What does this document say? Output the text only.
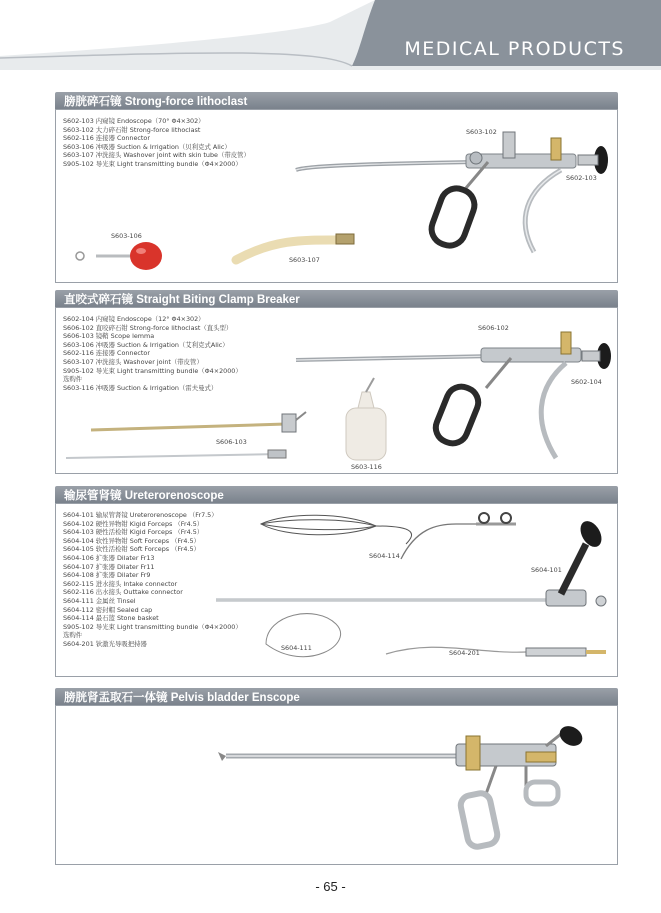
MEDICAL PRODUCTS
膀胱碎石镜 Strong-force lithoclast
S602-103 内窥镜 Endoscope（70° Φ4×302）
S603-102 大力碎石钳 Strong-force lithoclast
S602-116 连接器 Connector
S603-106 冲吸器 Suction & Irrigation（贝利克式 Alic）
S603-107 冲洗接头 Washover joint with skin tube（带皮管）
S905-102 导光束 Light transmitting bundle（Φ4×2000）
S603-102
S602-103
S603-106
S603-107
直咬式碎石镜 Straight Biting Clamp Breaker
S602-104 内窥镜 Endoscope（12° Φ4×302）
S606-102 直咬碎石钳 Strong-force lithoclast（直头型）
S606-103 镜鞘 Scope lemma
S603-106 冲吸器 Suction & Irrigation（艾利克式Alic）
S602-116 连接器 Connector
S603-107 冲洗接头 Washover joint（带皮管）
S905-102 导光束 Light transmitting bundle（Φ4×2000）
选购件
S603-116 冲吸器 Suction & Irrigation（雷夫曼式）
S606-102
S602-104
S606-103
S603-116
输尿管肾镜 Ureterorenoscope
S604-101 输尿管肾镜 Ureterorenoscope （Fr7.5）
S604-102 硬性异物钳 Kigid Forceps （Fr4.5）
S604-103 硬性活检钳 Kigid Forceps （Fr4.5）
S604-104 软性异物钳 Soft Forceps （Fr4.5）
S604-105 软性活检钳 Soft Forceps （Fr4.5）
S604-106 扩张器 Dilater Fr13
S604-107 扩张器 Dilater Fr11
S604-108 扩张器 Dilater Fr9
S602-115 进水接头 Intake connector
S602-116 出水接头 Outtake connector
S604-111 金属丝 Tinsel
S604-112 密封帽 Sealed cap
S604-114 最石篮 Stone basket
S905-102 导光束 Light transmitting bundle（Φ4×2000）
选购件
S604-201 钬激光导吸把持器
S604-114
S604-101
S604-111
S604-201
膀胱肾盂取石一体镜 Pelvis bladder Enscope
- 65 -
